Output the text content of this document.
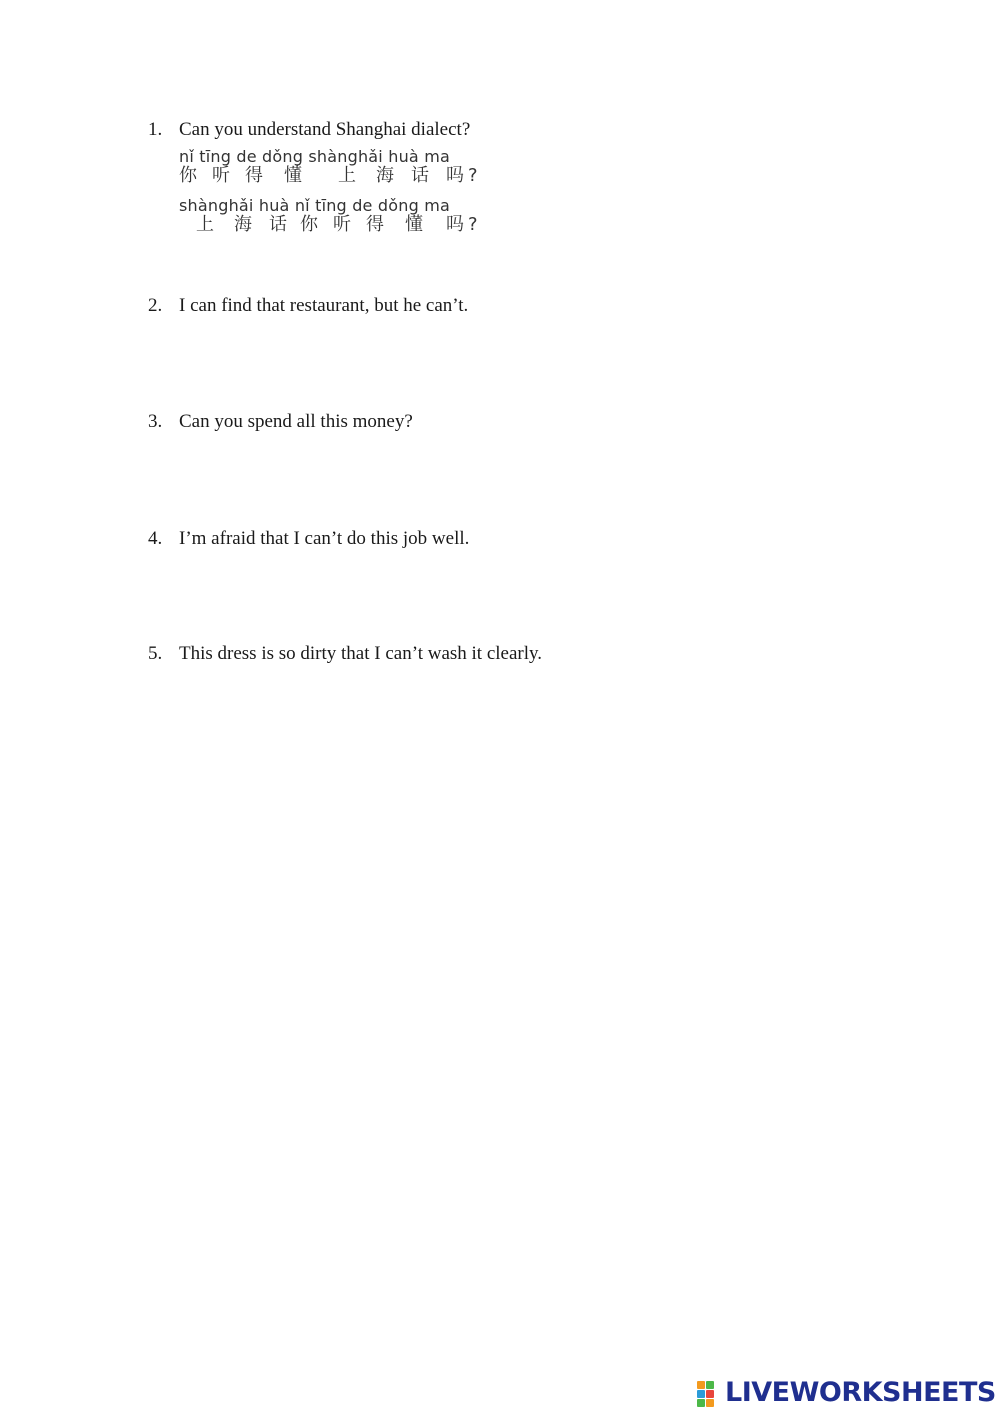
1. Can you understand Shanghai dialect?
nǐ tīng de dǒng shànghǎi huà ma
你 听 得 懂 上 海 话 吗 ?
shànghǎi huà nǐ tīng de dǒng ma
上 海 话 你 听 得 懂 吗 ?
2. I can find that restaurant, but he can’t.
3. Can you spend all this money?
4. I’m afraid that I can’t do this job well.
5. This dress is so dirty that I can’t wash it clearly.
LIVEWORKSHEETS
